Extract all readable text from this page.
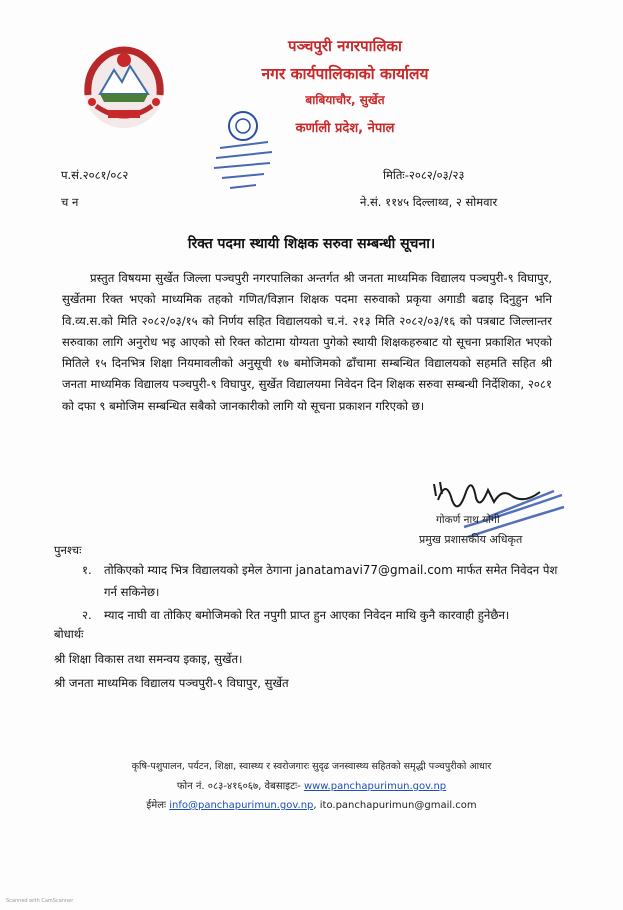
पञ्चपुरी नगरपालिका
नगर कार्यपालिकाको कार्यालय
बाबियाचौर, सुर्खेत
कर्णाली प्रदेश, नेपाल
प.सं.२०८१/०८२
च न
मितिः-२०८२/०३/२३
ने.सं. ११४५ दिल्लाथ्व, २ सोमवार
रिक्त पदमा स्थायी शिक्षक सरुवा सम्बन्धी सूचना।

प्रस्तुत विषयमा सुर्खेत जिल्ला पञ्चपुरी नगरपालिका अन्तर्गत श्री जनता माध्यमिक विद्यालय पञ्चपुरी-९ विघापुर, सुर्खेतमा रिक्त भएको माध्यमिक तहको गणित/विज्ञान शिक्षक पदमा सरुवाको प्रकृया अगाडी बढाइ दिनुहुन भनि वि.व्य.स.को मिति २०८२/०३/१५ को निर्णय सहित विद्यालयको च.नं. २१३ मिति २०८२/०३/१६ को पत्रबाट जिल्लान्तर सरुवाका लागि अनुरोध भइ आएको सो रिक्त कोटामा योग्यता पुगेको स्थायी शिक्षकहरुबाट यो सूचना प्रकाशित भएको मितिले १५ दिनभित्र शिक्षा नियमावलीको अनुसूची १७ बमोजिमको ढाँचामा सम्बन्धित विद्यालयको सहमति सहित श्री जनता माध्यमिक विद्यालय पञ्चपुरी-९ विघापुर, सुर्खेत विद्यालयमा निवेदन दिन शिक्षक सरुवा सम्बन्धी निर्देशिका, २०८१ को दफा ९ बमोजिम सम्बन्धित सबैको जानकारीको लागि यो सूचना प्रकाशन गरिएको छ।

गोकर्ण नाथ योगी
प्रमुख प्रशासकीय अधिकृत
पुनश्चः
१. तोकिएको म्याद भित्र विद्यालयको इमेल ठेगाना janatamavi77@gmail.com मार्फत समेत निवेदन पेश गर्न सकिनेछ।
२. म्याद नाघी वा तोकिए बमोजिमको रित नपुगी प्राप्त हुन आएका निवेदन माथि कुनै कारवाही हुनेछैन।
बोधार्थः
श्री शिक्षा विकास तथा समन्वय इकाइ, सुर्खेत।
श्री जनता माध्यमिक विद्यालय पञ्चपुरी-९ विघापुर, सुर्खेत
कृषि-पशुपालन, पर्यटन, शिक्षा, स्वास्थ्य र स्वरोजगारः सुदृढ जनस्वास्थ्य सहितको समृद्धी पञ्चपुरीको आधार
फोन नं. ०८३-४१६०६७, वेबसाइटः- www.panchapurimun.gov.np
ईमेलः info@panchapurimun.gov.np, ito.panchapurimun@gmail.com
Scanned with CamScanner
